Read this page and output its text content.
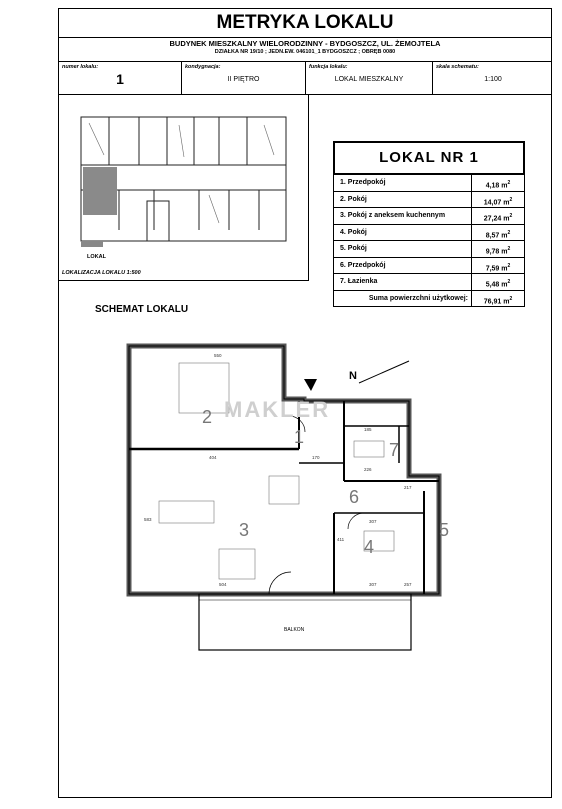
METRYKA LOKALU
BUDYNEK MIESZKALNY WIELORODZINNY - BYDGOSZCZ, UL. ŻEMOJTELA
DZIAŁKA NR 19/10 ; JEDN.EW. 046101_1 BYDGOSZCZ ; OBRĘB 0080
numer lokalu:
1
kondygnacja:
II PIĘTRO
funkcja lokalu:
LOKAL MIESZKALNY
skala schematu:
1:100
LOKAL
LOKALIZACJA LOKALU 1:500
LOKAL NR 1
1. Przedpokój	4,18 $m^2$
2. Pokój	14,07 $m^2$
3. Pokój z aneksem kuchennym	27,24 $m^2$
4. Pokój	8,57 $m^2$
5. Pokój	9,78 $m^2$
6. Przedpokój	7,59 $m^2$
7. Łazienka	5,48 $m^2$
Suma powierzchni użytkowej:	76,91 $m^2$
SCHEMAT LOKALU
N
2
1
6
7
3
4
5
550
404
583
504
307
307
217
257
170
185
226
411
BALKON
MAKLER
